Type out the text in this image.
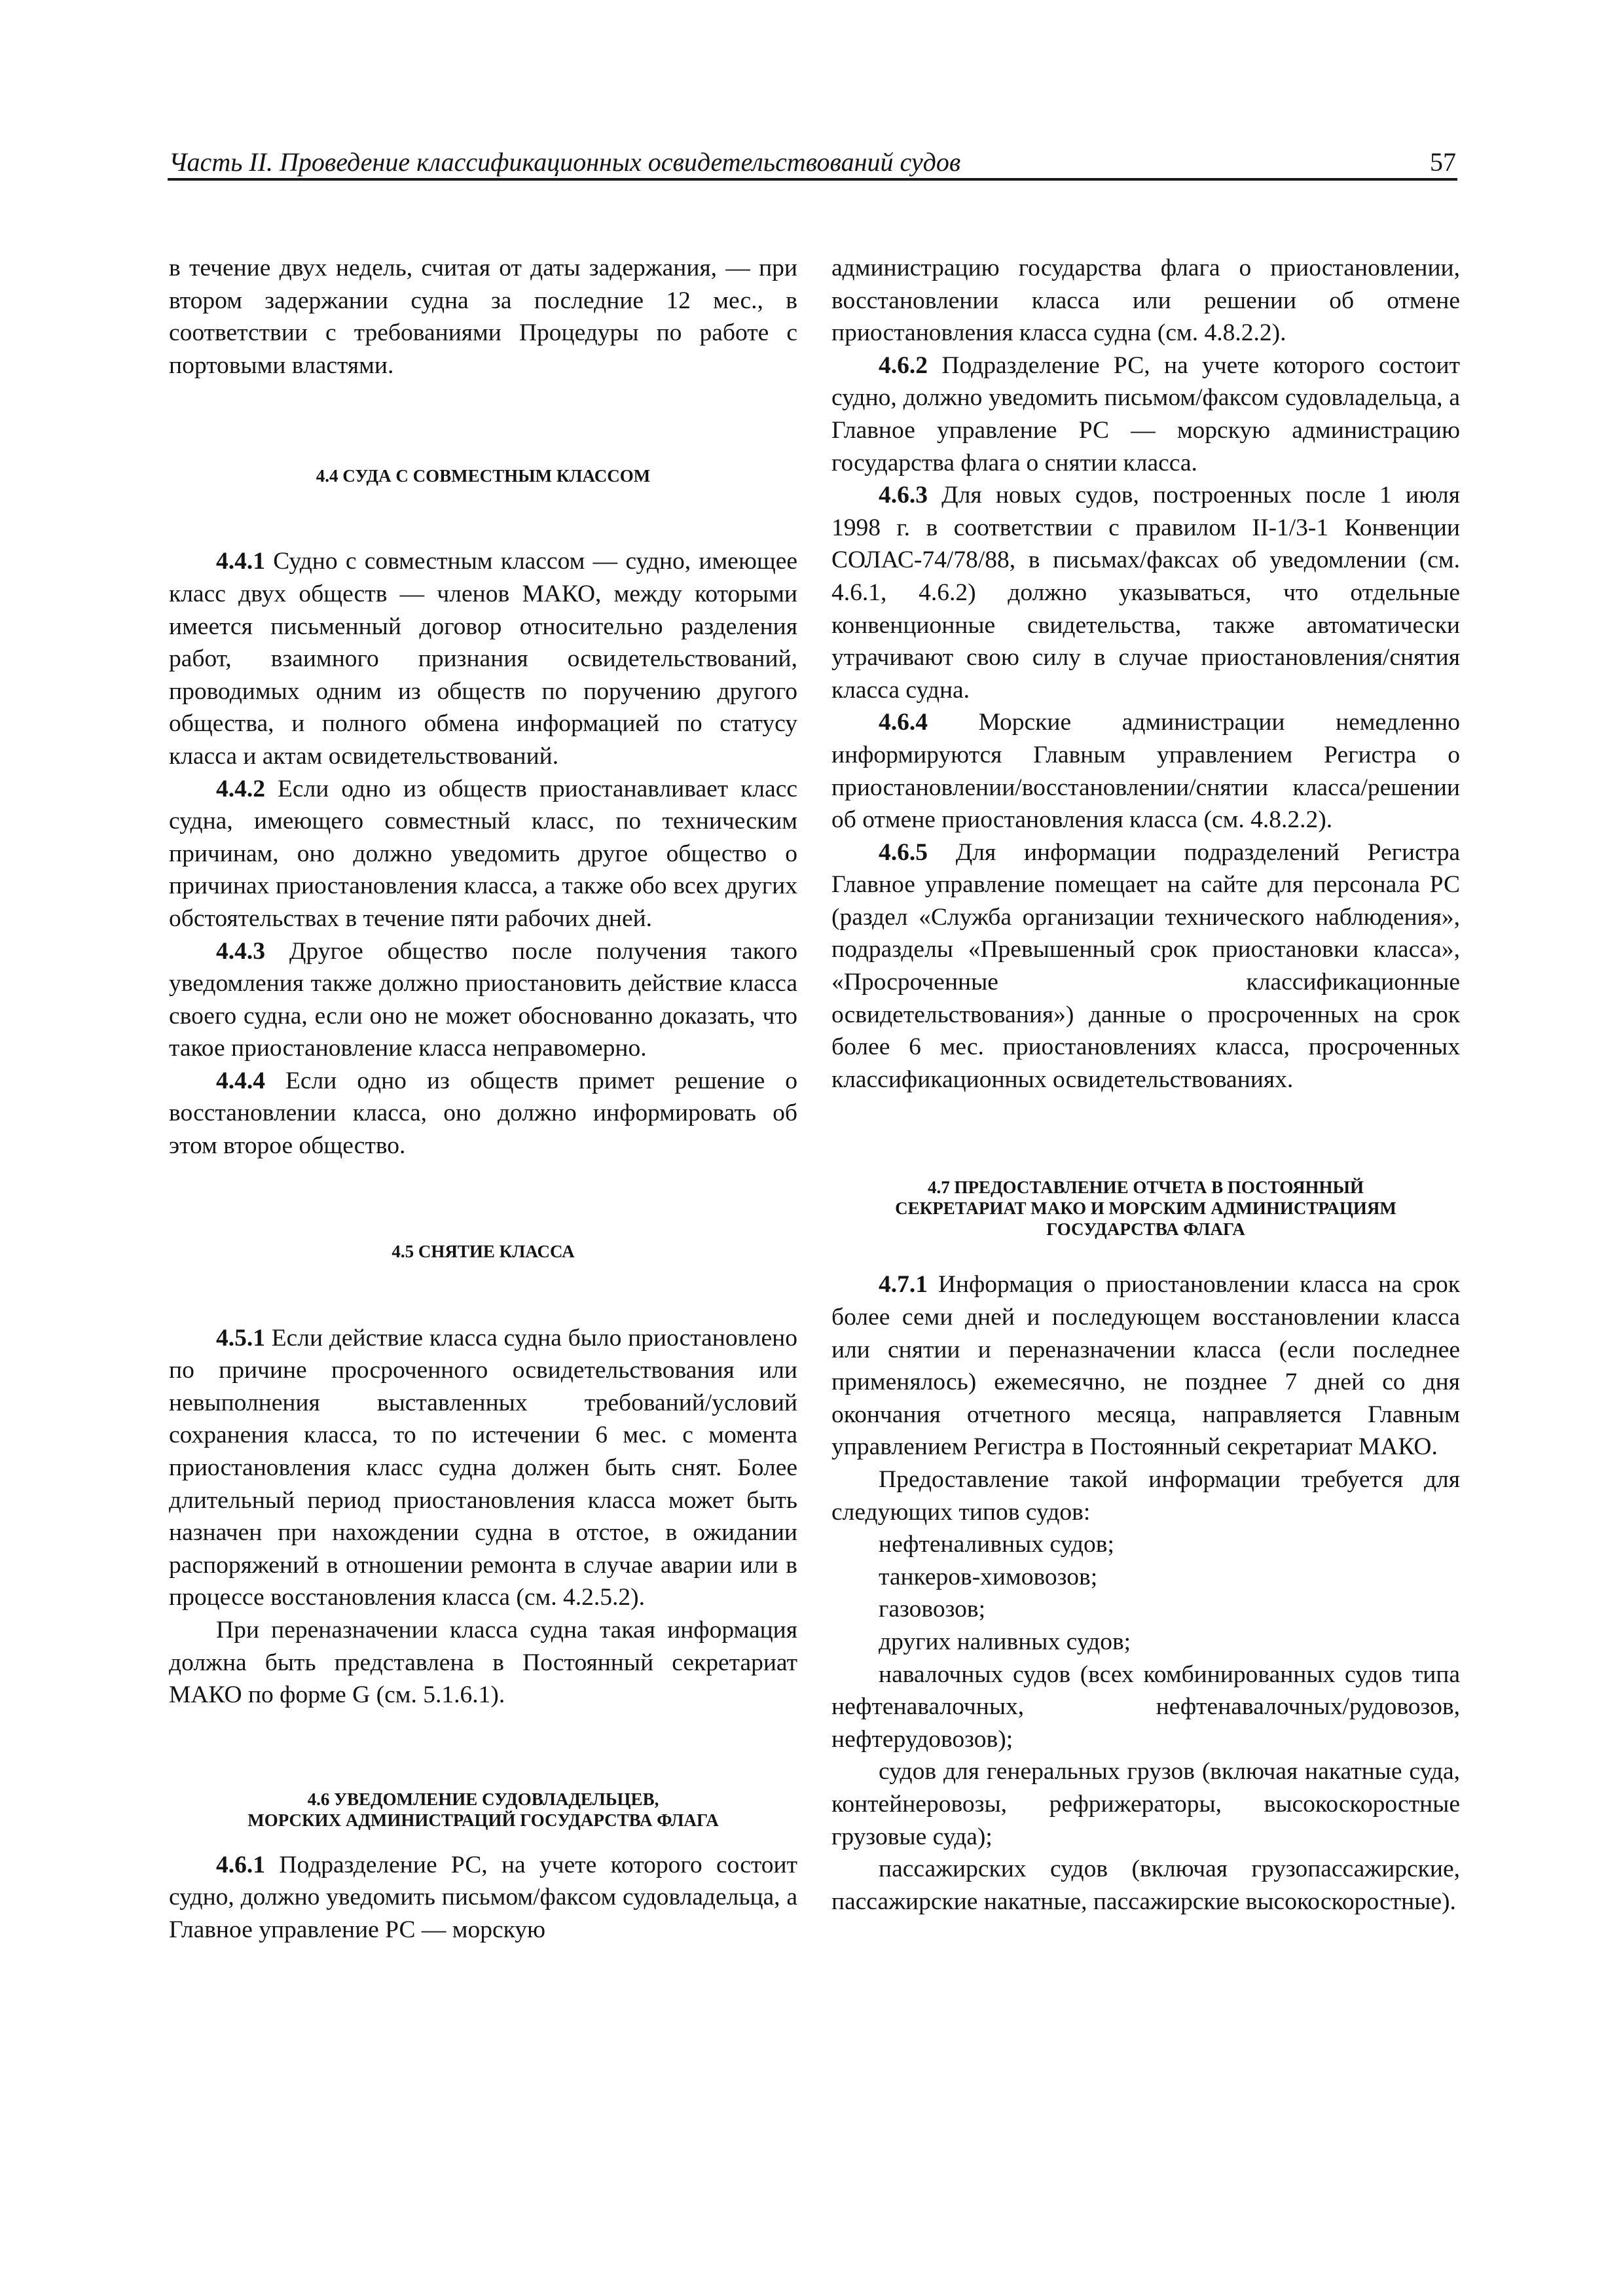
Часть II. Проведение классификационных освидетельствований судов	57

в течение двух недель, считая от даты задержания, — при втором задержании судна за последние 12 мес., в соответствии с требованиями Процедуры по работе с портовыми властями.

4.4 СУДА С СОВМЕСТНЫМ КЛАССОМ

4.4.1 Судно с совместным классом — судно, имеющее класс двух обществ — членов МАКО, между которыми имеется письменный договор относительно разделения работ, взаимного признания освидетельствований, проводимых одним из обществ по поручению другого общества, и полного обмена информацией по статусу класса и актам освидетельствований.

4.4.2 Если одно из обществ приостанавливает класс судна, имеющего совместный класс, по техническим причинам, оно должно уведомить другое общество о причинах приостановления класса, а также обо всех других обстоятельствах в течение пяти рабочих дней.

4.4.3 Другое общество после получения такого уведомления также должно приостановить действие класса своего судна, если оно не может обоснованно доказать, что такое приостановление класса неправомерно.

4.4.4 Если одно из обществ примет решение о восстановлении класса, оно должно информировать об этом второе общество.

4.5 СНЯТИЕ КЛАССА

4.5.1 Если действие класса судна было приостановлено по причине просроченного освидетельствования или невыполнения выставленных требований/условий сохранения класса, то по истечении 6 мес. с момента приостановления класс судна должен быть снят. Более длительный период приостановления класса может быть назначен при нахождении судна в отстое, в ожидании распоряжений в отношении ремонта в случае аварии или в процессе восстановления класса (см. 4.2.5.2).

При переназначении класса судна такая информация должна быть представлена в Постоянный секретариат МАКО по форме G (см. 5.1.6.1).

4.6 УВЕДОМЛЕНИЕ СУДОВЛАДЕЛЬЦЕВ,
МОРСКИХ АДМИНИСТРАЦИЙ ГОСУДАРСТВА ФЛАГА

4.6.1 Подразделение РС, на учете которого состоит судно, должно уведомить письмом/факсом судовладельца, а Главное управление РС — морскую

администрацию государства флага о приостановлении, восстановлении класса или решении об отмене приостановления класса судна (см. 4.8.2.2).

4.6.2 Подразделение РС, на учете которого состоит судно, должно уведомить письмом/факсом судовладельца, а Главное управление РС — морскую администрацию государства флага о снятии класса.

4.6.3 Для новых судов, построенных после 1 июля 1998 г. в соответствии с правилом II-1/3-1 Конвенции СОЛАС-74/78/88, в письмах/факсах об уведомлении (см. 4.6.1, 4.6.2) должно указываться, что отдельные конвенционные свидетельства, также автоматически утрачивают свою силу в случае приостановления/снятия класса судна.

4.6.4 Морские администрации немедленно информируются Главным управлением Регистра о приостановлении/восстановлении/снятии класса/решении об отмене приостановления класса (см. 4.8.2.2).

4.6.5 Для информации подразделений Регистра Главное управление помещает на сайте для персонала РС (раздел «Служба организации технического наблюдения», подразделы «Превышенный срок приостановки класса», «Просроченные классификационные освидетельствования») данные о просроченных на срок более 6 мес. приостановлениях класса, просроченных классификационных освидетельствованиях.

4.7 ПРЕДОСТАВЛЕНИЕ ОТЧЕТА В ПОСТОЯННЫЙ
СЕКРЕТАРИАТ МАКО И МОРСКИМ АДМИНИСТРАЦИЯМ
ГОСУДАРСТВА ФЛАГА

4.7.1 Информация о приостановлении класса на срок более семи дней и последующем восстановлении класса или снятии и переназначении класса (если последнее применялось) ежемесячно, не позднее 7 дней со дня окончания отчетного месяца, направляется Главным управлением Регистра в Постоянный секретариат МАКО.

Предоставление такой информации требуется для следующих типов судов:

нефтеналивных судов;

танкеров-химовозов;

газовозов;

других наливных судов;

навалочных судов (всех комбинированных судов типа нефтенавалочных, нефтенавалочных/рудовозов, нефтерудовозов);

судов для генеральных грузов (включая накатные суда, контейнеровозы, рефрижераторы, высокоскоростные грузовые суда);

пассажирских судов (включая грузопассажирские, пассажирские накатные, пассажирские высокоскоростные).
